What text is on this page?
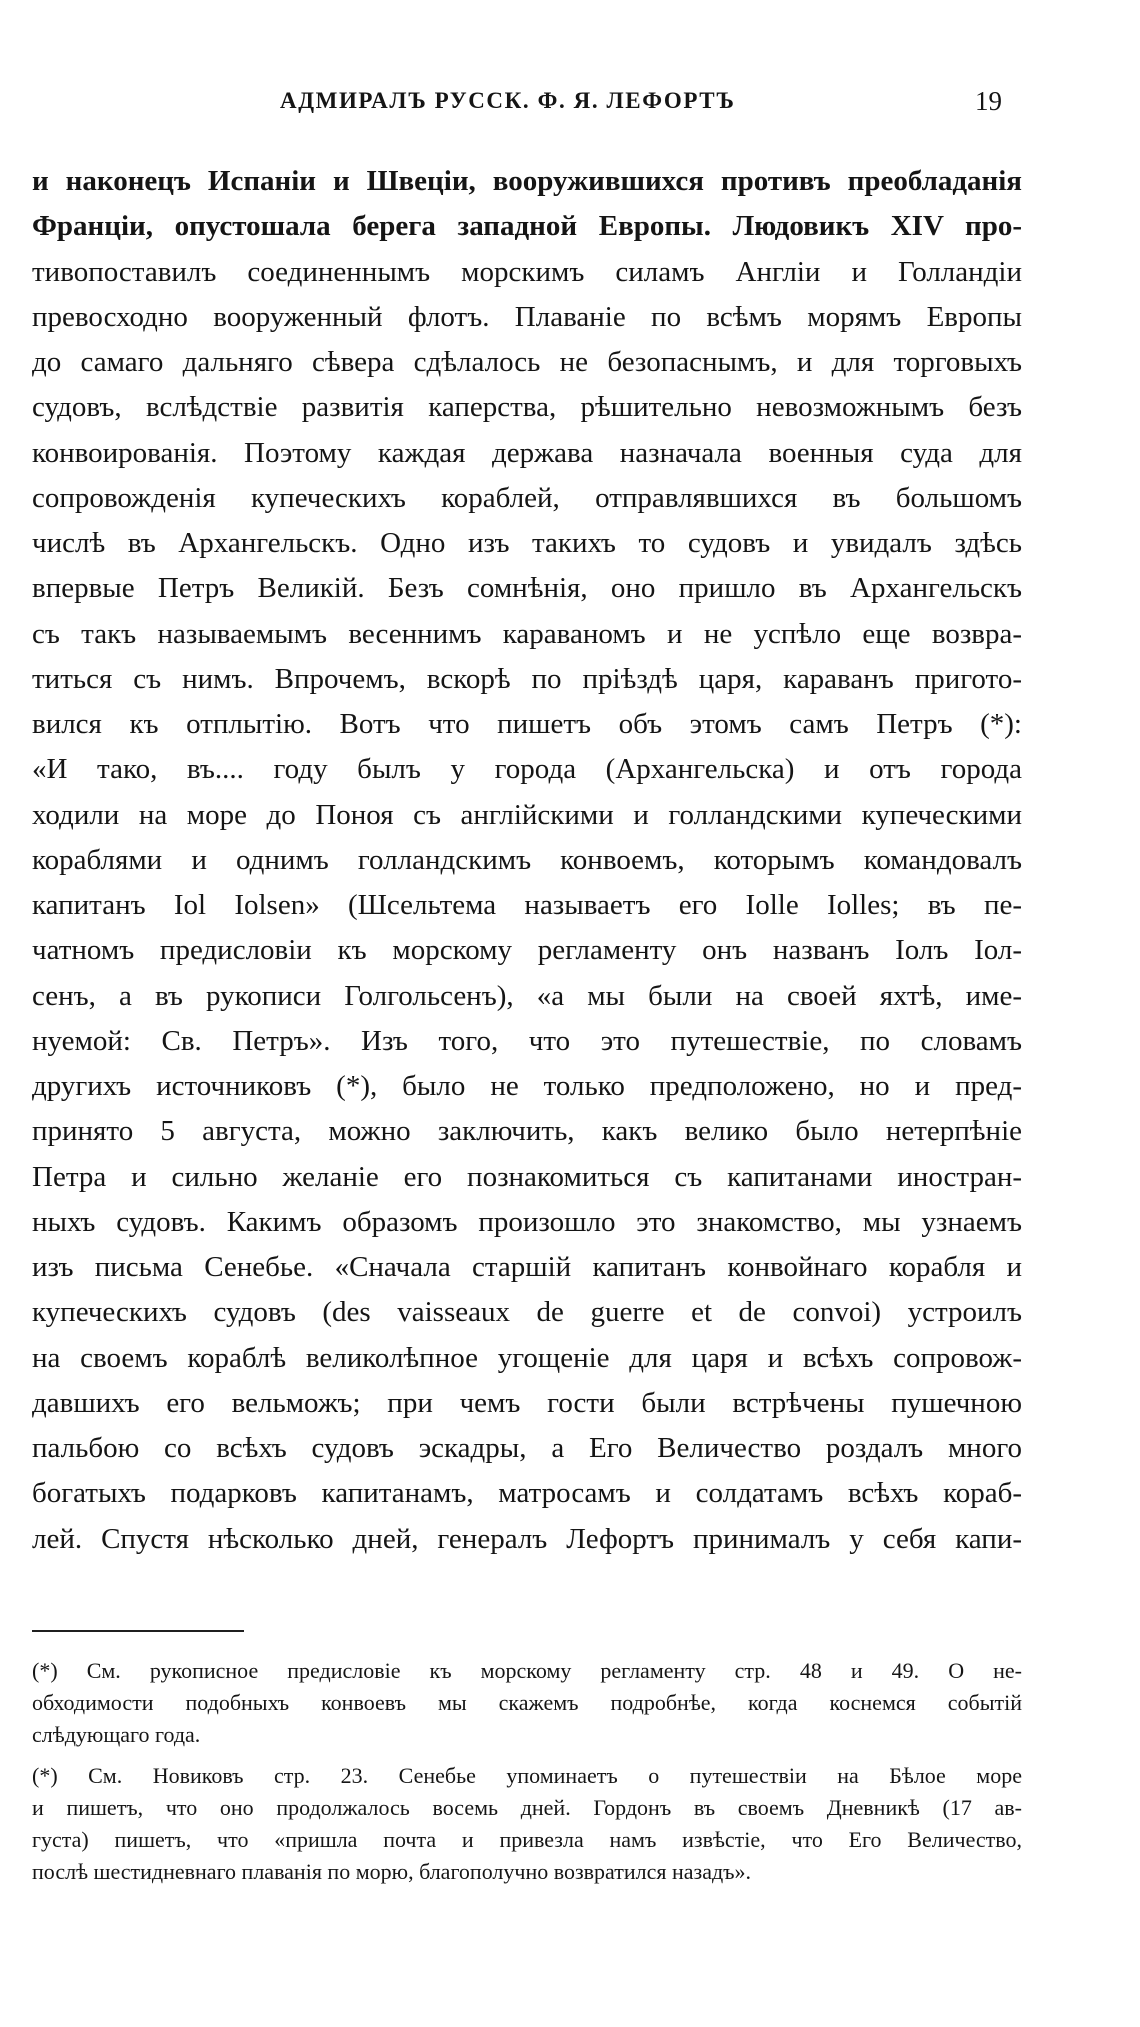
АДМИРАЛЪ РУССК. Ф. Я. ЛЕФОРТЪ	19
и наконецъ Испаніи и Швеціи, вооружившихся противъ преобладанія
Франціи, опустошала берега западной Европы. Людовикъ XIV про-
тивопоставилъ соединеннымъ морскимъ силамъ Англіи и Голландіи
превосходно вооруженный флотъ. Плаваніе по всѣмъ морямъ Европы
до самаго дальняго сѣвера сдѣлалось не безопаснымъ, и для торговыхъ
судовъ, вслѣдствіе развитія каперства, рѣшительно невозможнымъ безъ
конвоированія. Поэтому каждая держава назначала военныя суда для
сопровожденія купеческихъ кораблей, отправлявшихся въ большомъ
числѣ въ Архангельскъ. Одно изъ такихъ то судовъ и увидалъ здѣсь
впервые Петръ Великій. Безъ сомнѣнія, оно пришло въ Архангельскъ
съ такъ называемымъ весеннимъ караваномъ и не успѣло еще возвра-
титься съ нимъ. Впрочемъ, вскорѣ по пріѣздѣ царя, караванъ пригото-
вился къ отплытію. Вотъ что пишетъ объ этомъ самъ Петръ (*):
«И тако, въ.... году былъ у города (Архангельска) и отъ города
ходили на море до Поноя съ англійскими и голландскими купеческими
кораблями и однимъ голландскимъ конвоемъ, которымъ командовалъ
капитанъ Iol Iolsen» (Шсельтема называетъ его Iolle Iolles; въ пе-
чатномъ предисловіи къ морскому регламенту онъ названъ Іолъ Іол-
сенъ, а въ рукописи Голгольсенъ), «а мы были на своей яхтѣ, име-
нуемой: Св. Петръ». Изъ того, что это путешествіе, по словамъ
другихъ источниковъ (*), было не только предположено, но и пред-
принято 5 августа, можно заключить, какъ велико было нетерпѣніе
Петра и сильно желаніе его познакомиться съ капитанами иностран-
ныхъ судовъ. Какимъ образомъ произошло это знакомство, мы узнаемъ
изъ письма Сенебье. «Сначала старшій капитанъ конвойнаго корабля и
купеческихъ судовъ (des vaisseaux de guerre et de convoi) устроилъ
на своемъ кораблѣ великолѣпное угощеніе для царя и всѣхъ сопровож-
давшихъ его вельможъ; при чемъ гости были встрѣчены пушечною
пальбою со всѣхъ судовъ эскадры, а Его Величество роздалъ много
богатыхъ подарковъ капитанамъ, матросамъ и солдатамъ всѣхъ кораб-
лей. Спустя нѣсколько дней, генералъ Лефортъ принималъ у себя капи-
(*) См. рукописное предисловіе къ морскому регламенту стр. 48 и 49. О не-
обходимости подобныхъ конвоевъ мы скажемъ подробнѣе, когда коснемся событій
слѣдующаго года.
(*) См. Новиковъ стр. 23. Сенебье упоминаетъ о путешествіи на Бѣлое море
и пишетъ, что оно продолжалось восемь дней. Гордонъ въ своемъ Дневникѣ (17 ав-
густа) пишетъ, что «пришла почта и привезла намъ извѣстіе, что Его Величество,
послѣ шестидневнаго плаванія по морю, благополучно возвратился назадъ».
